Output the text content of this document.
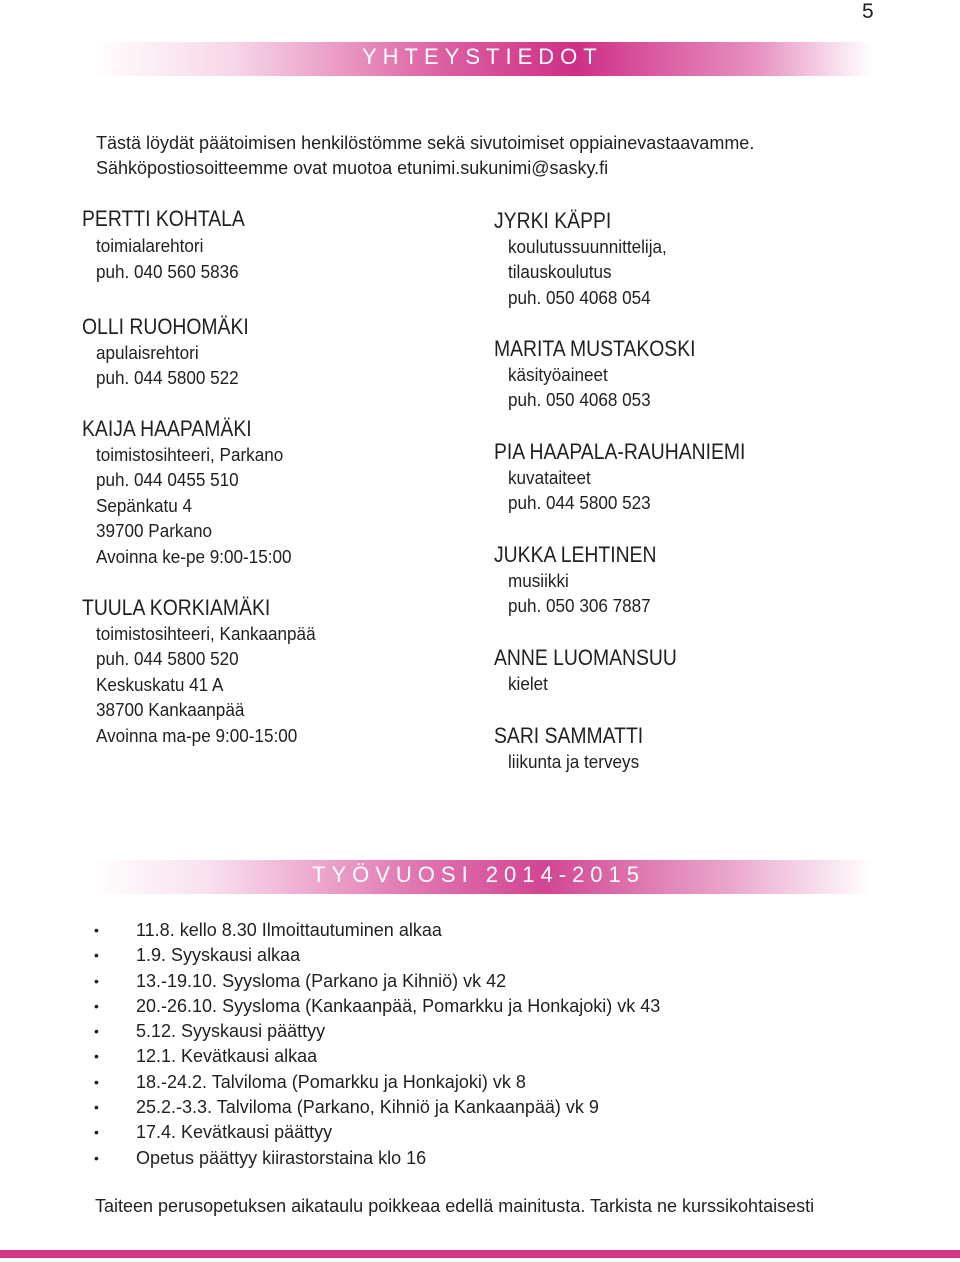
5
YHTEYSTIEDOT
Tästä löydät päätoimisen henkilöstömme sekä sivutoimiset oppiainevastaavamme.
Sähköpostiosoitteemme ovat muotoa etunimi.sukunimi@sasky.fi
PERTTI KOHTALA
toimialarehtori
puh. 040 560 5836
OLLI RUOHOMÄKI
apulaisrehtori
puh. 044 5800 522
KAIJA HAAPAMÄKI
toimistosihteeri, Parkano
puh. 044 0455 510
Sepänkatu 4
39700 Parkano
Avoinna ke-pe 9:00-15:00
TUULA KORKIAMÄKI
toimistosihteeri, Kankaanpää
puh. 044 5800 520
Keskuskatu 41 A
38700 Kankaanpää
Avoinna ma-pe 9:00-15:00
JYRKI KÄPPI
koulutussuunnittelija,
tilauskoulutus
puh. 050 4068 054
MARITA MUSTAKOSKI
käsityöaineet
puh. 050 4068 053
PIA HAAPALA-RAUHANIEMI
kuvataiteet
puh. 044 5800 523
JUKKA LEHTINEN
musiikki
puh. 050 306 7887
ANNE LUOMANSUU
kielet
SARI SAMMATTI
liikunta ja terveys
TYÖVUOSI 2014-2015
• 11.8. kello 8.30 Ilmoittautuminen alkaa
• 1.9. Syyskausi alkaa
• 13.-19.10. Syysloma (Parkano ja Kihniö) vk 42
• 20.-26.10. Syysloma (Kankaanpää, Pomarkku ja Honkajoki) vk 43
• 5.12. Syyskausi päättyy
• 12.1. Kevätkausi alkaa
• 18.-24.2. Talviloma (Pomarkku ja Honkajoki) vk 8
• 25.2.-3.3. Talviloma (Parkano, Kihniö ja Kankaanpää) vk 9
• 17.4. Kevätkausi päättyy
• Opetus päättyy kiirastorstaina klo 16
Taiteen perusopetuksen aikataulu poikkeaa edellä mainitusta. Tarkista ne kurssikohtaisesti
